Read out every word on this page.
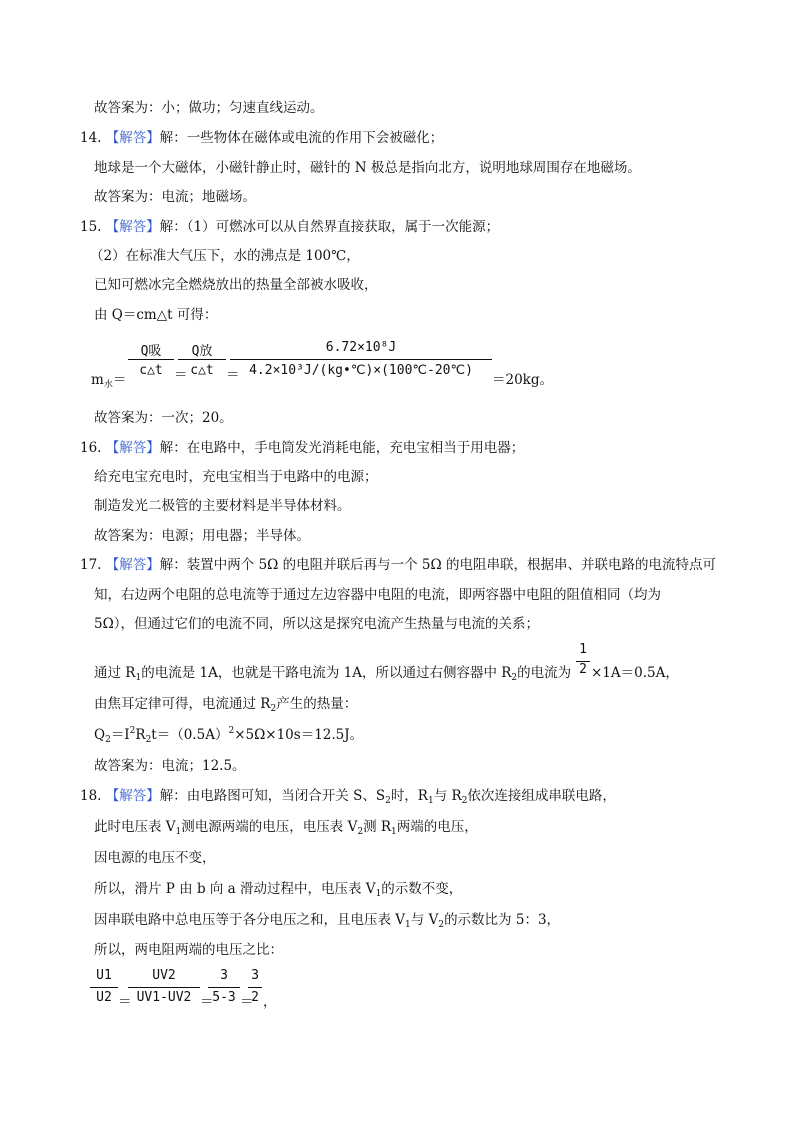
故答案为：小；做功；匀速直线运动。
14. 【解答】解：一些物体在磁体或电流的作用下会被磁化；
地球是一个大磁体，小磁针静止时，磁针的 N 极总是指向北方，说明地球周围存在地磁场。
故答案为：电流；地磁场。
15. 【解答】解：（1）可燃冰可以从自然界直接获取，属于一次能源；
（2）在标准大气压下，水的沸点是 100℃，
已知可燃冰完全燃烧放出的热量全部被水吸收，
由 Q＝cm△t 可得：
$m_水=$
Q吸
c△t ＝
Q放
c△t ＝
6.72×10⁸J
4.2×10³J/(kg•℃)×(100℃-20℃)
＝20kg。
故答案为：一次；20。
16. 【解答】解：在电路中，手电筒发光消耗电能，充电宝相当于用电器；
给充电宝充电时，充电宝相当于电路中的电源；
制造发光二极管的主要材料是半导体材料。
故答案为：电源；用电器；半导体。
17. 【解答】解：装置中两个 5Ω 的电阻并联后再与一个 5Ω 的电阻串联，根据串、并联电路的电流特点可
知，右边两个电阻的总电流等于通过左边容器中电阻的电流，即两容器中电阻的阻值相同（均为
5Ω），但通过它们的电流不同，所以这是探究电流产生热量与电流的关系；
通过 $R_1$的电流是 1A，也就是干路电流为 1A，所以通过右侧容器中 $R_2$的电流为
1
2 ×1A＝0.5A，
由焦耳定律可得，电流通过 $R_2$产生的热量：
$Q_2=I^2R_2t=(0.5A)^2\times 5\Omega\times 10s=12.5J$。
故答案为：电流；12.5。
18. 【解答】解：由电路图可知，当闭合开关 S、$S_2$时，$R_1$与 $R_2$依次连接组成串联电路，
此时电压表 $V_1$测电源两端的电压，电压表 $V_2$测 $R_1$两端的电压，
因电源的电压不变，
所以，滑片 P 由 b 向 a 滑动过程中，电压表 $V_1$的示数不变，
因串联电路中总电压等于各分电压之和，且电压表 $V_1$与 $V_2$的示数比为 5：3，
所以，两电阻两端的电压之比：
U1
U2 ＝
UV2
UV1-UV2 ＝
3
5-3 ＝
3
2 ，
